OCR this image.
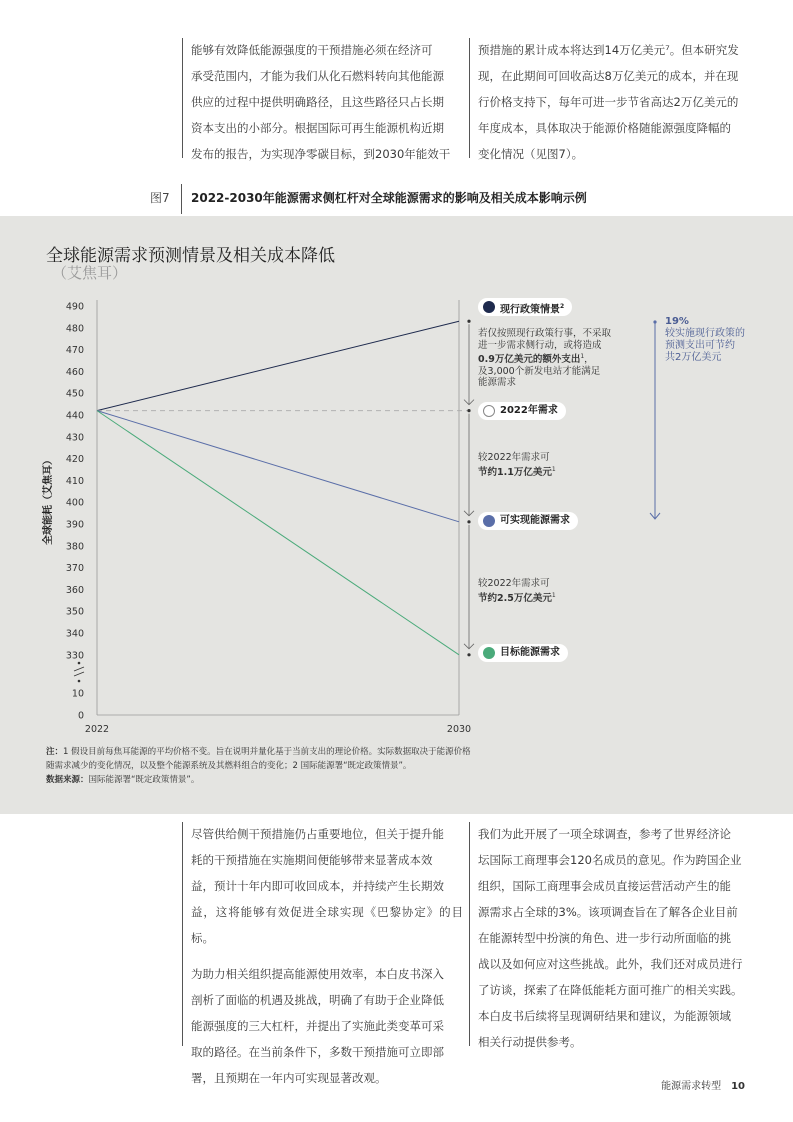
能够有效降低能源强度的干预措施必须在经济可

承受范围内，才能为我们从化石燃料转向其他能源

供应的过程中提供明确路径，且这些路径只占长期

资本支出的小部分。根据国际可再生能源机构近期

发布的报告，为实现净零碳目标，到2030年能效干

预措施的累计成本将达到14万亿美元⁷。但本研究发

现，在此期间可回收高达8万亿美元的成本，并在现

行价格支持下，每年可进一步节省高达2万亿美元的

年度成本，具体取决于能源价格随能源强度降幅的

变化情况（见图7）。

图7 2022-2030年能源需求侧杠杆对全球能源需求的影响及相关成本影响示例
全球能源需求预测情景及相关成本降低
（艾焦耳）
490
480
470
460
450
440
430
420
410
400
390
380
370
360
350
340
330
10
0
全球能耗（艾焦耳）
2022	2030
现行政策情景$^2$
2022年需求
可实现能源需求
目标能源需求
若仅按照现行政策行事，不采取
进一步需求侧行动，或将造成
0.9万亿美元的额外支出$^1$，
及3,000个新发电站才能满足
能源需求
较2022年需求可
节约1.1万亿美元$^1$
较2022年需求可
节约2.5万亿美元$^1$
19%
较实施现行政策的
预测支出可节约
共2万亿美元
注：1 假设目前每焦耳能源的平均价格不变。旨在说明并量化基于当前支出的理论价格。实际数据取决于能源价格
随需求减少的变化情况，以及整个能源系统及其燃料组合的变化；2 国际能源署“既定政策情景”。
数据来源：国际能源署“既定政策情景”。

尽管供给侧干预措施仍占重要地位，但关于提升能

耗的干预措施在实施期间便能够带来显著成本效

益，预计十年内即可收回成本，并持续产生长期效

益，这将能够有效促进全球实现《巴黎协定》的目标。

为助力相关组织提高能源使用效率，本白皮书深入

剖析了面临的机遇及挑战，明确了有助于企业降低

能源强度的三大杠杆，并提出了实施此类变革可采

取的路径。在当前条件下，多数干预措施可立即部

署，且预期在一年内可实现显著改观。

我们为此开展了一项全球调查，参考了世界经济论

坛国际工商理事会120名成员的意见。作为跨国企业

组织，国际工商理事会成员直接运营活动产生的能

源需求占全球的3%。该项调查旨在了解各企业目前

在能源转型中扮演的角色、进一步行动所面临的挑

战以及如何应对这些挑战。此外，我们还对成员进行

了访谈，探索了在降低能耗方面可推广的相关实践。

本白皮书后续将呈现调研结果和建议，为能源领域

相关行动提供参考。

能源需求转型 10
